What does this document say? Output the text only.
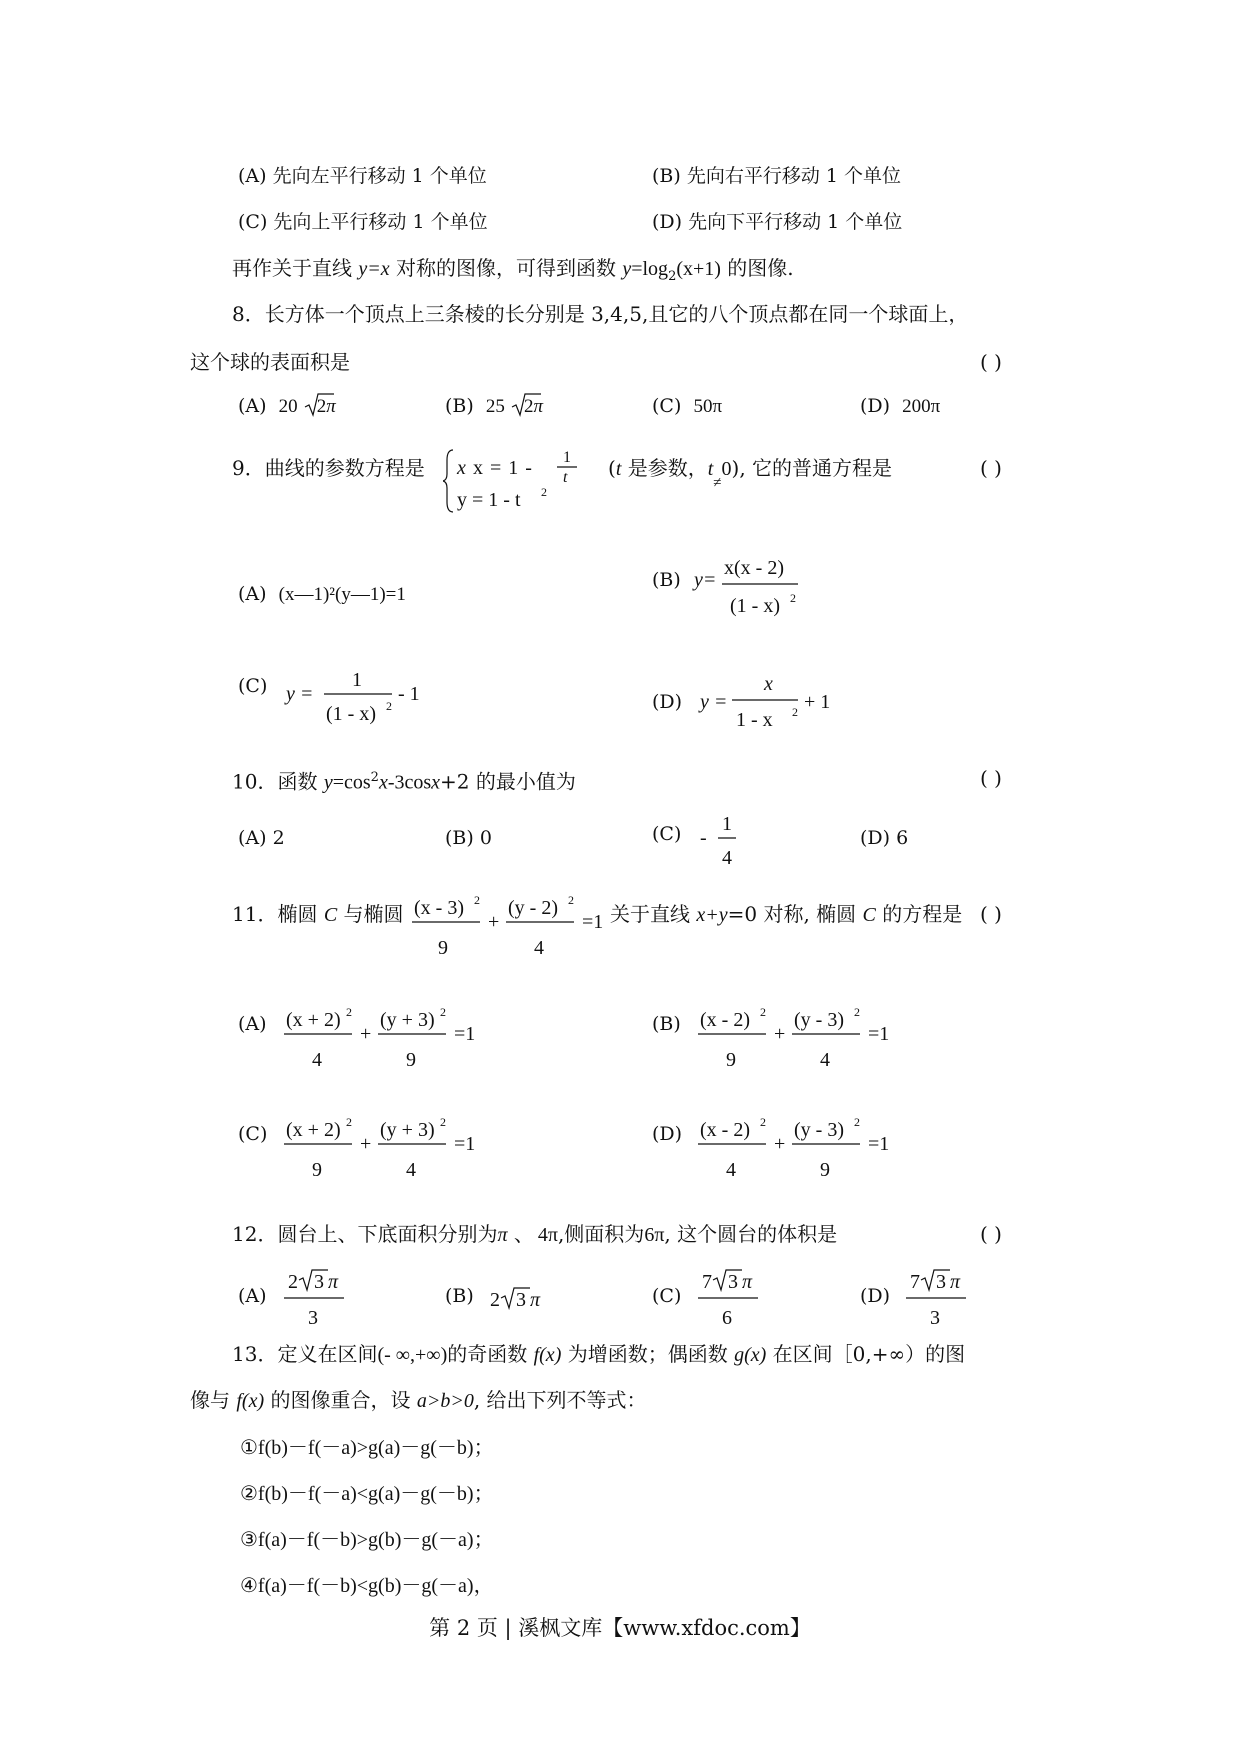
(A) 先向左平行移动 1 个单位	(B) 先向右平行移动 1 个单位
(C) 先向上平行移动 1 个单位	(D) 先向下平行移动 1 个单位
再作关于直线 y=x 对称的图像，可得到函数 $y=\log_2(x+1)$ 的图像.
8．长方体一个顶点上三条棱的长分别是 3,4,5,且它的八个顶点都在同一个球面上，
这个球的表面积是	( )
(A) 20 2π	(B) 25 2π	(C) 50π	(D) 200π
9．曲线的参数方程是 x x = 1 - 1
t
y = 1 - t 2
(t 是参数，$t_\ne 0$), 它的普通方程是	( )
(A) (x—1)²(y—1)=1
(B) y=
x(x - 2)
(1 - x) 2
(C) y =
1
(1 - x) 2
- 1	(D) y =
x
1 - x 2 + 1
10．函数 $y=\cos^2x-3\cos x+2$ 的最小值为	( )
(A) 2	(B) 0	(C) -
1
4
(D) 6
11．椭圆 C 与椭圆 (x - 3) 2
9
+
(y - 2) 2
4
=1 关于直线 x+y=0 对称, 椭圆 C 的方程是 ( )
(A) (x + 2) 2
4
+
(y + 3) 2
9
=1	(B) (x - 2) 2
9
+
(y - 3) 2
4
=1
(C) (x + 2) 2
9
+
(y + 3) 2
4
=1	(D) (x - 2) 2
4
+
(y - 3) 2
9
=1
12．圆台上、下底面积分别为π 、 4π,侧面积为6π, 这个圆台的体积是	( )
(A)
2 3 π
3
(B) 2 3 π	(C)
7 3 π
6
(D)
7 3 π
3
13．定义在区间(- ∞,+∞)的奇函数 f(x) 为增函数；偶函数 g(x) 在区间［0,+∞）的图
像与 f(x) 的图像重合，设 a>b>0, 给出下列不等式：
①f(b)－f(－a)>g(a)－g(－b)；
②f(b)－f(－a)<g(a)－g(－b)；
③f(a)－f(－b)>g(b)－g(－a)；
④f(a)－f(－b)<g(b)－g(－a)，
第 2 页 | 溪枫文库【www.xfdoc.com】
